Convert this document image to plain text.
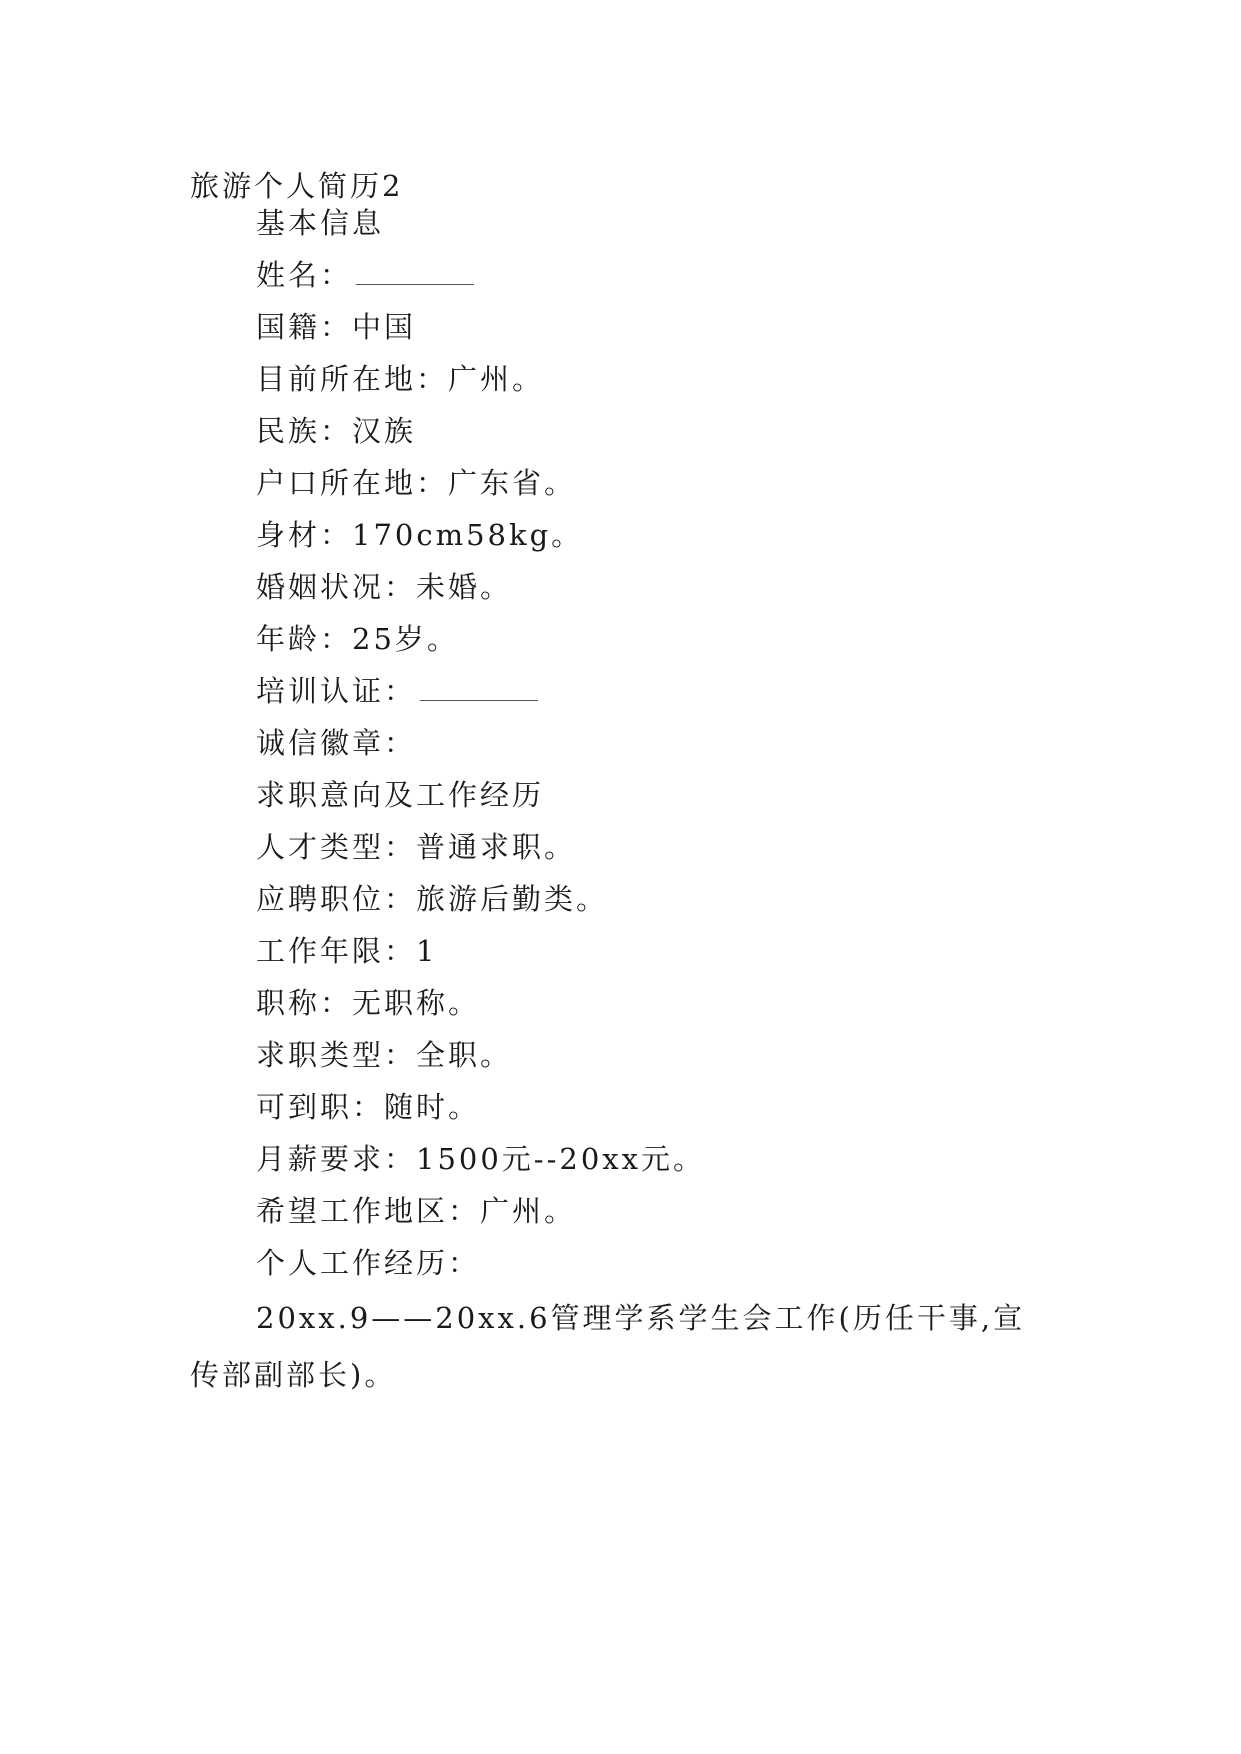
旅游个人简历2
基本信息
姓名：
国籍：中国
目前所在地：广州。
民族：汉族
户口所在地：广东省。
身材：170cm58kg。
婚姻状况：未婚。
年龄：25岁。
培训认证：
诚信徽章：
求职意向及工作经历
人才类型：普通求职。
应聘职位：旅游后勤类。
工作年限：1
职称：无职称。
求职类型：全职。
可到职：随时。
月薪要求：1500元--20xx元。
希望工作地区：广州。
个人工作经历：
20xx.9——20xx.6管理学系学生会工作(历任干事,宣传部副部长)。
